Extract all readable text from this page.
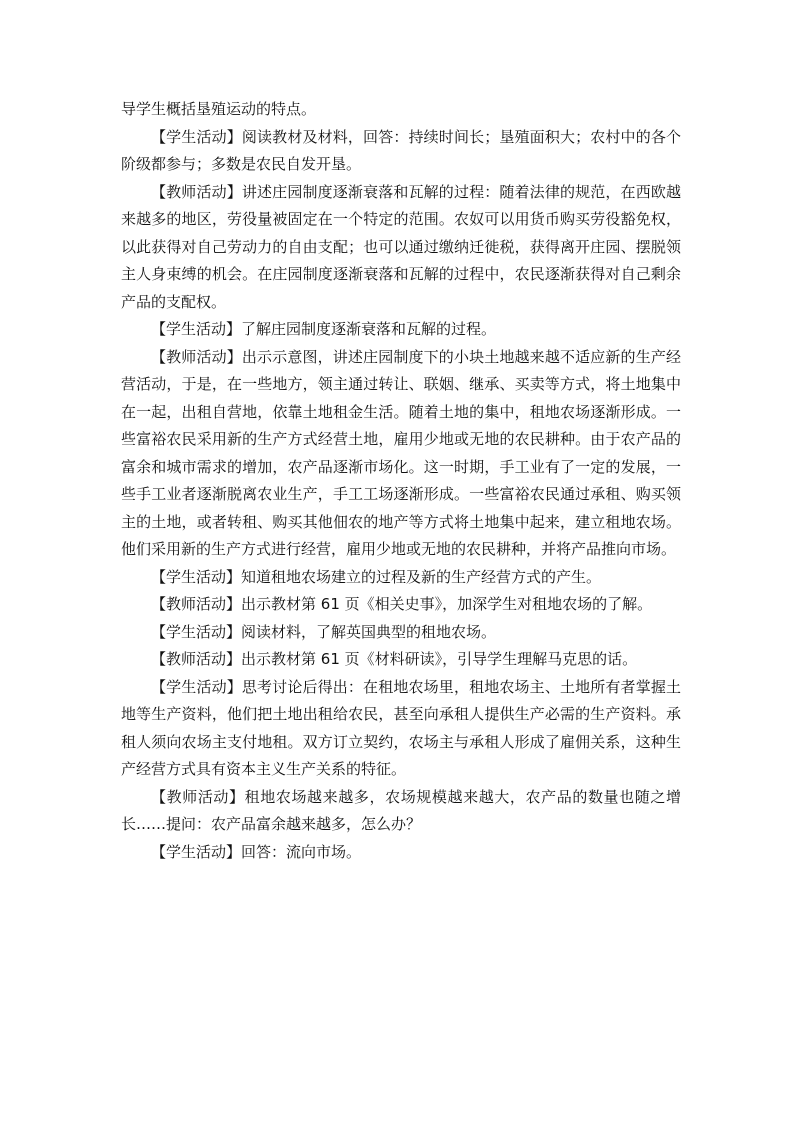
导学生概括垦殖运动的特点。

【学生活动】阅读教材及材料，回答：持续时间长；垦殖面积大；农村中的各个阶级都参与；多数是农民自发开垦。

【教师活动】讲述庄园制度逐渐衰落和瓦解的过程：随着法律的规范，在西欧越来越多的地区，劳役量被固定在一个特定的范围。农奴可以用货币购买劳役豁免权，以此获得对自己劳动力的自由支配；也可以通过缴纳迁徙税，获得离开庄园、摆脱领主人身束缚的机会。在庄园制度逐渐衰落和瓦解的过程中，农民逐渐获得对自己剩余产品的支配权。

【学生活动】了解庄园制度逐渐衰落和瓦解的过程。

【教师活动】出示示意图，讲述庄园制度下的小块土地越来越不适应新的生产经营活动，于是，在一些地方，领主通过转让、联姻、继承、买卖等方式，将土地集中在一起，出租自营地，依靠土地租金生活。随着土地的集中，租地农场逐渐形成。一些富裕农民采用新的生产方式经营土地，雇用少地或无地的农民耕种。由于农产品的富余和城市需求的增加，农产品逐渐市场化。这一时期，手工业有了一定的发展，一些手工业者逐渐脱离农业生产，手工工场逐渐形成。一些富裕农民通过承租、购买领主的土地，或者转租、购买其他佃农的地产等方式将土地集中起来，建立租地农场。他们采用新的生产方式进行经营，雇用少地或无地的农民耕种，并将产品推向市场。

【学生活动】知道租地农场建立的过程及新的生产经营方式的产生。

【教师活动】出示教材第 61 页《相关史事》，加深学生对租地农场的了解。

【学生活动】阅读材料，了解英国典型的租地农场。

【教师活动】出示教材第 61 页《材料研读》，引导学生理解马克思的话。

【学生活动】思考讨论后得出：在租地农场里，租地农场主、土地所有者掌握土地等生产资料，他们把土地出租给农民，甚至向承租人提供生产必需的生产资料。承租人须向农场主支付地租。双方订立契约，农场主与承租人形成了雇佣关系，这种生产经营方式具有资本主义生产关系的特征。

【教师活动】租地农场越来越多，农场规模越来越大，农产品的数量也随之增长……提问：农产品富余越来越多，怎么办？

【学生活动】回答：流向市场。
